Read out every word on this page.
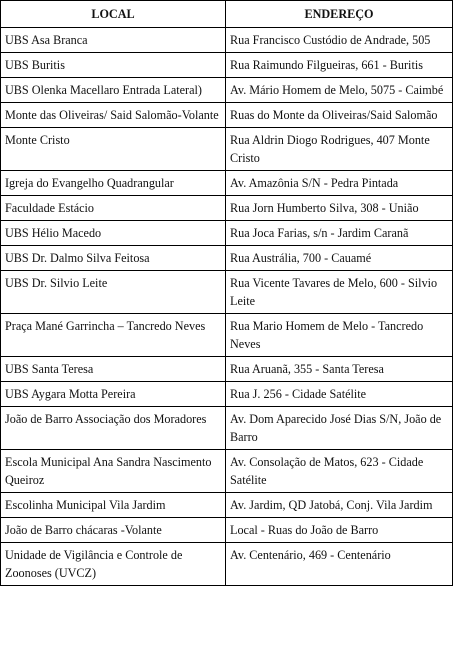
LOCAL	ENDEREÇO
UBS Asa Branca	Rua Francisco Custódio de Andrade, 505
UBS Buritis	Rua Raimundo Filgueiras, 661 - Buritis
UBS Olenka Macellaro Entrada Lateral)	Av. Mário Homem de Melo, 5075 - Caimbé
Monte das Oliveiras/ Said Salomão-Volante	Ruas do Monte da Oliveiras/Said Salomão
Monte Cristo	Rua Aldrin Diogo Rodrigues, 407 Monte Cristo
Igreja do Evangelho Quadrangular	Av. Amazônia S/N - Pedra Pintada
Faculdade Estácio	Rua Jorn Humberto Silva, 308 - União
UBS Hélio Macedo	Rua Joca Farias, s/n - Jardim Caranã
UBS Dr. Dalmo Silva Feitosa	Rua Austrália, 700 - Cauamé
UBS Dr. Silvio Leite	Rua Vicente Tavares de Melo, 600 - Silvio Leite
Praça Mané Garrincha – Tancredo Neves	Rua Mario Homem de Melo - Tancredo Neves
UBS Santa Teresa	Rua Aruanã, 355 - Santa Teresa
UBS Aygara Motta Pereira	Rua J. 256 - Cidade Satélite
João de Barro Associação dos Moradores	Av. Dom Aparecido José Dias S/N, João de Barro
Escola Municipal Ana Sandra Nascimento Queiroz	Av. Consolação de Matos, 623 - Cidade Satélite
Escolinha Municipal Vila Jardim	Av. Jardim, QD Jatobá, Conj. Vila Jardim
João de Barro chácaras -Volante	Local - Ruas do João de Barro
Unidade de Vigilância e Controle de Zoonoses (UVCZ)	Av. Centenário, 469 - Centenário
